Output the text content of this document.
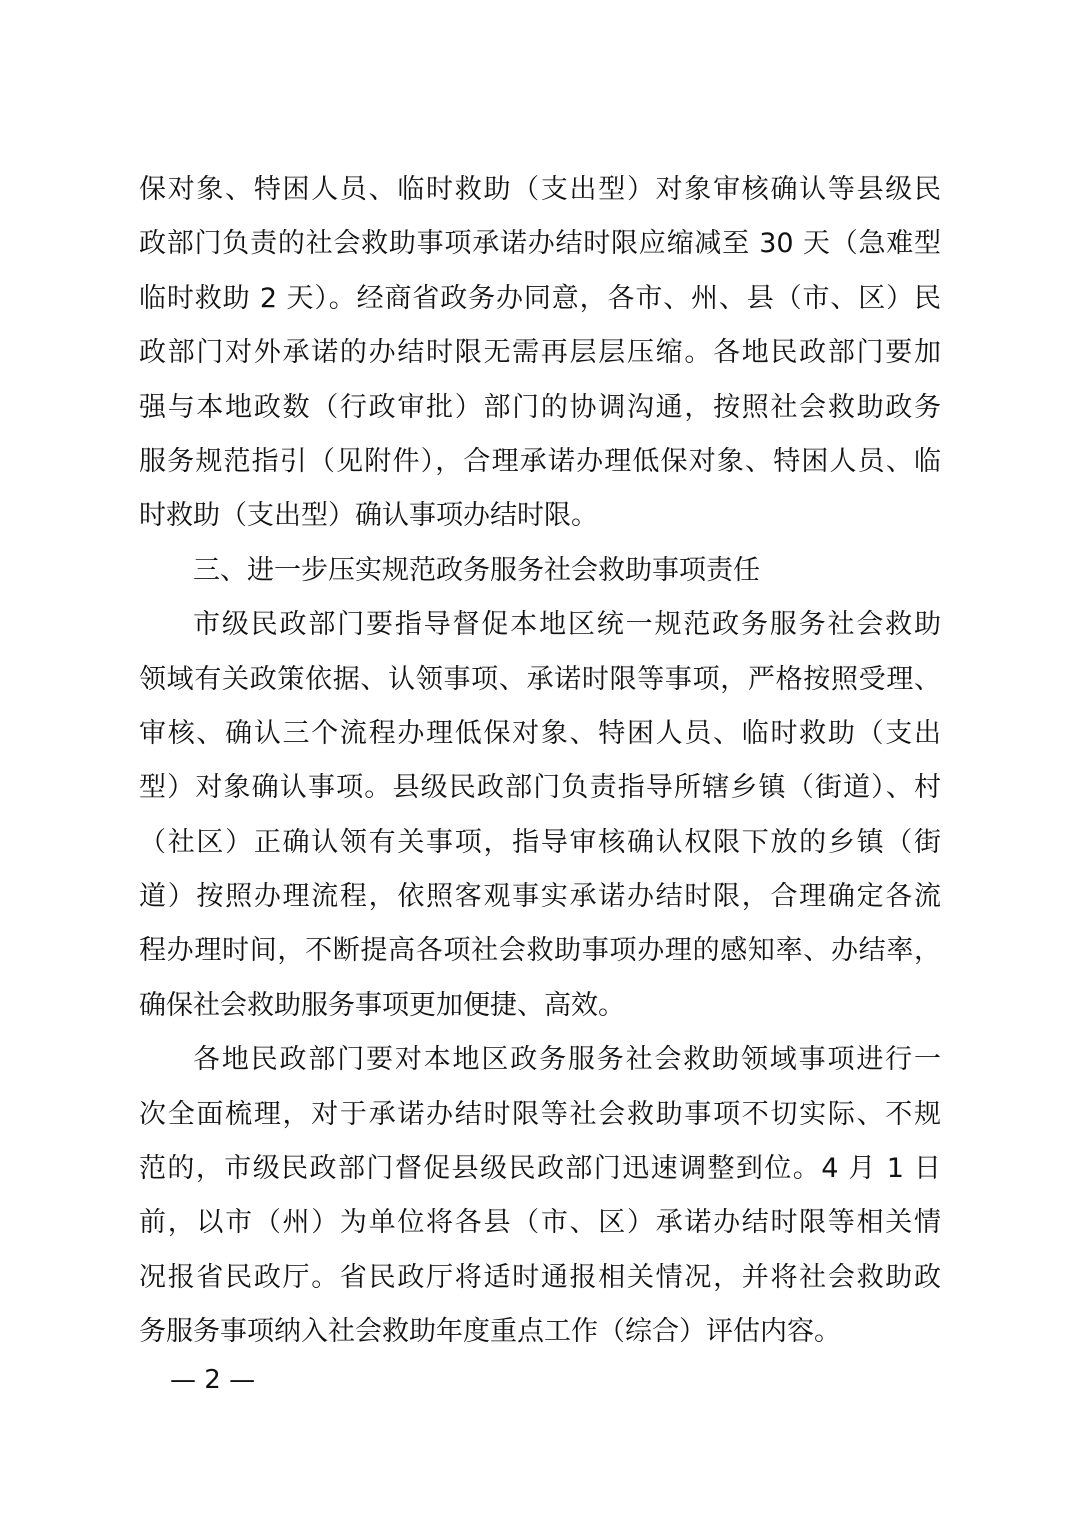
保对象、特困人员、临时救助（支出型）对象审核确认等县级民
政部门负责的社会救助事项承诺办结时限应缩减至 30 天（急难型
临时救助 2 天）。经商省政务办同意，各市、州、县（市、区）民
政部门对外承诺的办结时限无需再层层压缩。各地民政部门要加
强与本地政数（行政审批）部门的协调沟通，按照社会救助政务
服务规范指引（见附件），合理承诺办理低保对象、特困人员、临
时救助（支出型）确认事项办结时限。
三、进一步压实规范政务服务社会救助事项责任
市级民政部门要指导督促本地区统一规范政务服务社会救助
领域有关政策依据、认领事项、承诺时限等事项，严格按照受理、
审核、确认三个流程办理低保对象、特困人员、临时救助（支出
型）对象确认事项。县级民政部门负责指导所辖乡镇（街道）、村
（社区）正确认领有关事项，指导审核确认权限下放的乡镇（街
道）按照办理流程，依照客观事实承诺办结时限，合理确定各流
程办理时间，不断提高各项社会救助事项办理的感知率、办结率，
确保社会救助服务事项更加便捷、高效。
各地民政部门要对本地区政务服务社会救助领域事项进行一
次全面梳理，对于承诺办结时限等社会救助事项不切实际、不规
范的，市级民政部门督促县级民政部门迅速调整到位。4 月 1 日
前，以市（州）为单位将各县（市、区）承诺办结时限等相关情
况报省民政厅。省民政厅将适时通报相关情况，并将社会救助政
务服务事项纳入社会救助年度重点工作（综合）评估内容。
— 2 —
